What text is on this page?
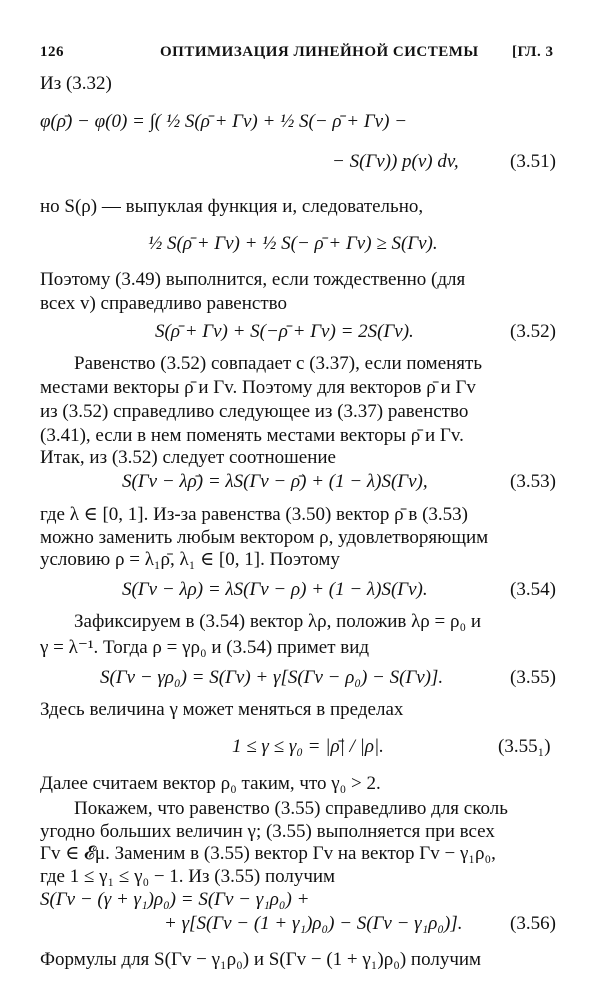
126	ОПТИМИЗАЦИЯ ЛИНЕЙНОЙ СИСТЕМЫ [ГЛ. 3
Из (3.32)
φ(ρ̄) − φ(0) = ∫( ½ S(ρ̄ + Γv) + ½ S(− ρ̄ + Γv) −
− S(Γv)) p(v) dv,	(3.51)
но S(ρ) — выпуклая функция и, следовательно,
½ S(ρ̄ + Γv) + ½ S(− ρ̄ + Γv) ≥ S(Γv).
Поэтому (3.49) выполнится, если тождественно (для
всех v) справедливо равенство
S(ρ̄ + Γv) + S(−ρ̄ + Γv) = 2S(Γv).	(3.52)
Равенство (3.52) совпадает с (3.37), если поменять
местами векторы ρ̄ и Γv. Поэтому для векторов ρ̄ и Γv
из (3.52) справедливо следующее из (3.37) равенство
(3.41), если в нем поменять местами векторы ρ̄ и Γv.
Итак, из (3.52) следует соотношение
S(Γv − λρ̄) = λS(Γv − ρ̄) + (1 − λ)S(Γv),	(3.53)
где λ ∈ [0, 1]. Из-за равенства (3.50) вектор ρ̄ в (3.53)
можно заменить любым вектором ρ, удовлетворяющим
условию ρ = λ₁ρ̄, λ₁ ∈ [0, 1]. Поэтому
S(Γv − λρ) = λS(Γv − ρ) + (1 − λ)S(Γv).	(3.54)
Зафиксируем в (3.54) вектор λρ, положив λρ = ρ₀ и
γ = λ⁻¹. Тогда ρ = γρ₀ и (3.54) примет вид
S(Γv − γρ₀) = S(Γv) + γ[S(Γv − ρ₀) − S(Γv)].	(3.55)
Здесь величина γ может меняться в пределах
1 ≤ γ ≤ γ₀ = |ρ̄| / |ρ|.	(3.55₁)
Далее считаем вектор ρ₀ таким, что γ₀ > 2.
Покажем, что равенство (3.55) справедливо для сколь
угодно больших величин γ; (3.55) выполняется при всех
Γv ∈ 𝓔μ. Заменим в (3.55) вектор Γv на вектор Γv − γ₁ρ₀,
где 1 ≤ γ₁ ≤ γ₀ − 1. Из (3.55) получим
S(Γv − (γ + γ₁)ρ₀) = S(Γv − γ₁ρ₀) +
+ γ[S(Γv − (1 + γ₁)ρ₀) − S(Γv − γ₁ρ₀)].	(3.56)
Формулы для S(Γv − γ₁ρ₀) и S(Γv − (1 + γ₁)ρ₀) получим
